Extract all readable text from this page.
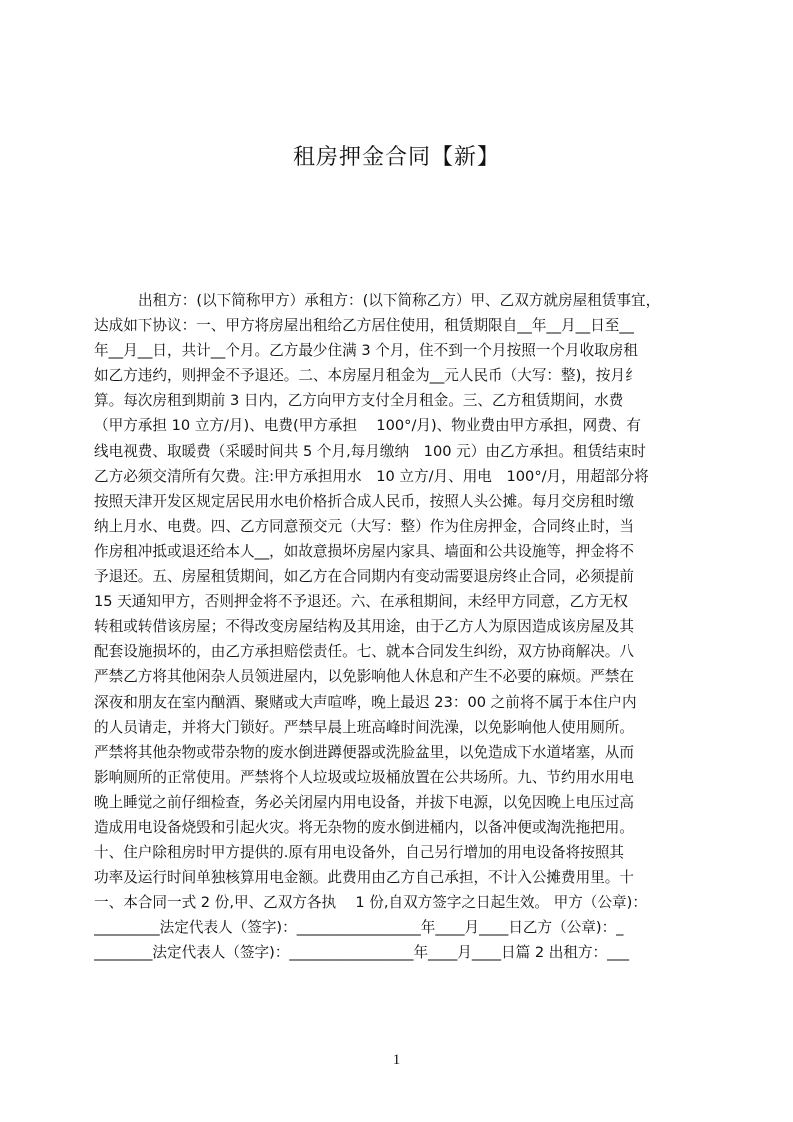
租房押金合同【新】
出租方：(以下简称甲方）承租方：(以下简称乙方）甲、乙双方就房屋租赁事宜，
达成如下协议：一、甲方将房屋出租给乙方居住使用，租赁期限自__年__月__日至__
年__月__日，共计__个月。乙方最少住满 3 个月，住不到一个月按照一个月收取房租
如乙方违约，则押金不予退还。二、本房屋月租金为__元人民币（大写：整)，按月纟
算。每次房租到期前 3 日内，乙方向甲方支付全月租金。三、乙方租赁期间，水费
（甲方承担 10 立方/月)、电费(甲方承担　 100°/月)、物业费由甲方承担，网费、有
线电视费、取暖费（采暖时间共 5 个月,每月缴纳　100 元）由乙方承担。租赁结束时
乙方必须交清所有欠费。注:甲方承担用水　10 立方/月、用电　100°/月，用超部分将
按照天津开发区规定居民用水电价格折合成人民币，按照人头公摊。每月交房租时缴
纳上月水、电费。四、乙方同意预交元（大写：整）作为住房押金，合同终止时，当
作房租冲抵或退还给本人__，如故意损坏房屋内家具、墙面和公共设施等，押金将不
予退还。五、房屋租赁期间，如乙方在合同期内有变动需要退房终止合同，必须提前
15 天通知甲方，否则押金将不予退还。六、在承租期间，未经甲方同意，乙方无权
转租或转借该房屋；不得改变房屋结构及其用途，由于乙方人为原因造成该房屋及其
配套设施损坏的，由乙方承担赔偿责任。七、就本合同发生纠纷，双方协商解决。八
严禁乙方将其他闲杂人员领进屋内，以免影响他人休息和产生不必要的麻烦。严禁在
深夜和朋友在室内酗酒、聚赌或大声喧哗，晚上最迟 23：00 之前将不属于本住户内
的人员请走，并将大门锁好。严禁早晨上班高峰时间洗澡，以免影响他人使用厕所。
严禁将其他杂物或带杂物的废水倒进蹲便器或洗脸盆里，以免造成下水道堵塞，从而
影响厕所的正常使用。严禁将个人垃圾或垃圾桶放置在公共场所。九、节约用水用电
晚上睡觉之前仔细检查，务必关闭屋内用电设备，并拔下电源，以免因晚上电压过高
造成用电设备烧毁和引起火灾。将无杂物的废水倒进桶内，以备冲便或淘洗拖把用。
十、住户除租房时甲方提供的.原有用电设备外，自己另行增加的用电设备将按照其
功率及运行时间单独核算用电金额。此费用由乙方自己承担，不计入公摊费用里。十
一、本合同一式 2 份,甲、乙双方各执　 1 份,自双方签字之日起生效。 甲方（公章)：
_________法定代表人（签字)：_________________年____月____日乙方（公章)：_
________法定代表人（签字)：_________________年____月____日篇 2 出租方：___
1
